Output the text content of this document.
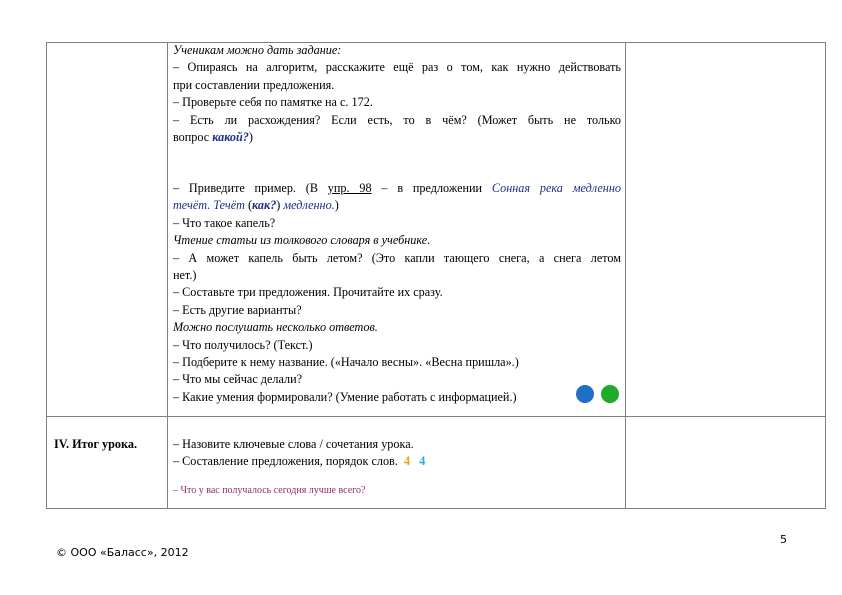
Ученикам можно дать задание:

– Опираясь на алгоритм, расскажите ещё раз о том, как нужно действовать

при составлении предложения.

– Проверьте себя по памятке на с. 172.

– Есть ли расхождения? Если есть, то в чём? (Может быть не только

вопрос какой?)

– Приведите пример. (В упр. 98 – в предложении Сонная река медленно

течёт. Течёт (как?) медленно.)

– Что такое капель?

Чтение статьи из толкового словаря в учебнике.

– А может капель быть летом? (Это капли тающего снега, а снега летом

нет.)

– Составьте три предложения. Прочитайте их сразу.

– Есть другие варианты?

Можно послушать несколько ответов.

– Что получилось? (Текст.)

– Подберите к нему название. («Начало весны». «Весна пришла».)

– Что мы сейчас делали?

– Какие умения формировали? (Умение работать с информацией.)

IV. Итог урока.	– Назовите ключевые слова / сочетания урока.

– Составление предложения, порядок слов. 4 4

– Что у вас получалось сегодня лучше всего?
5
© ООО «Баласс», 2012
